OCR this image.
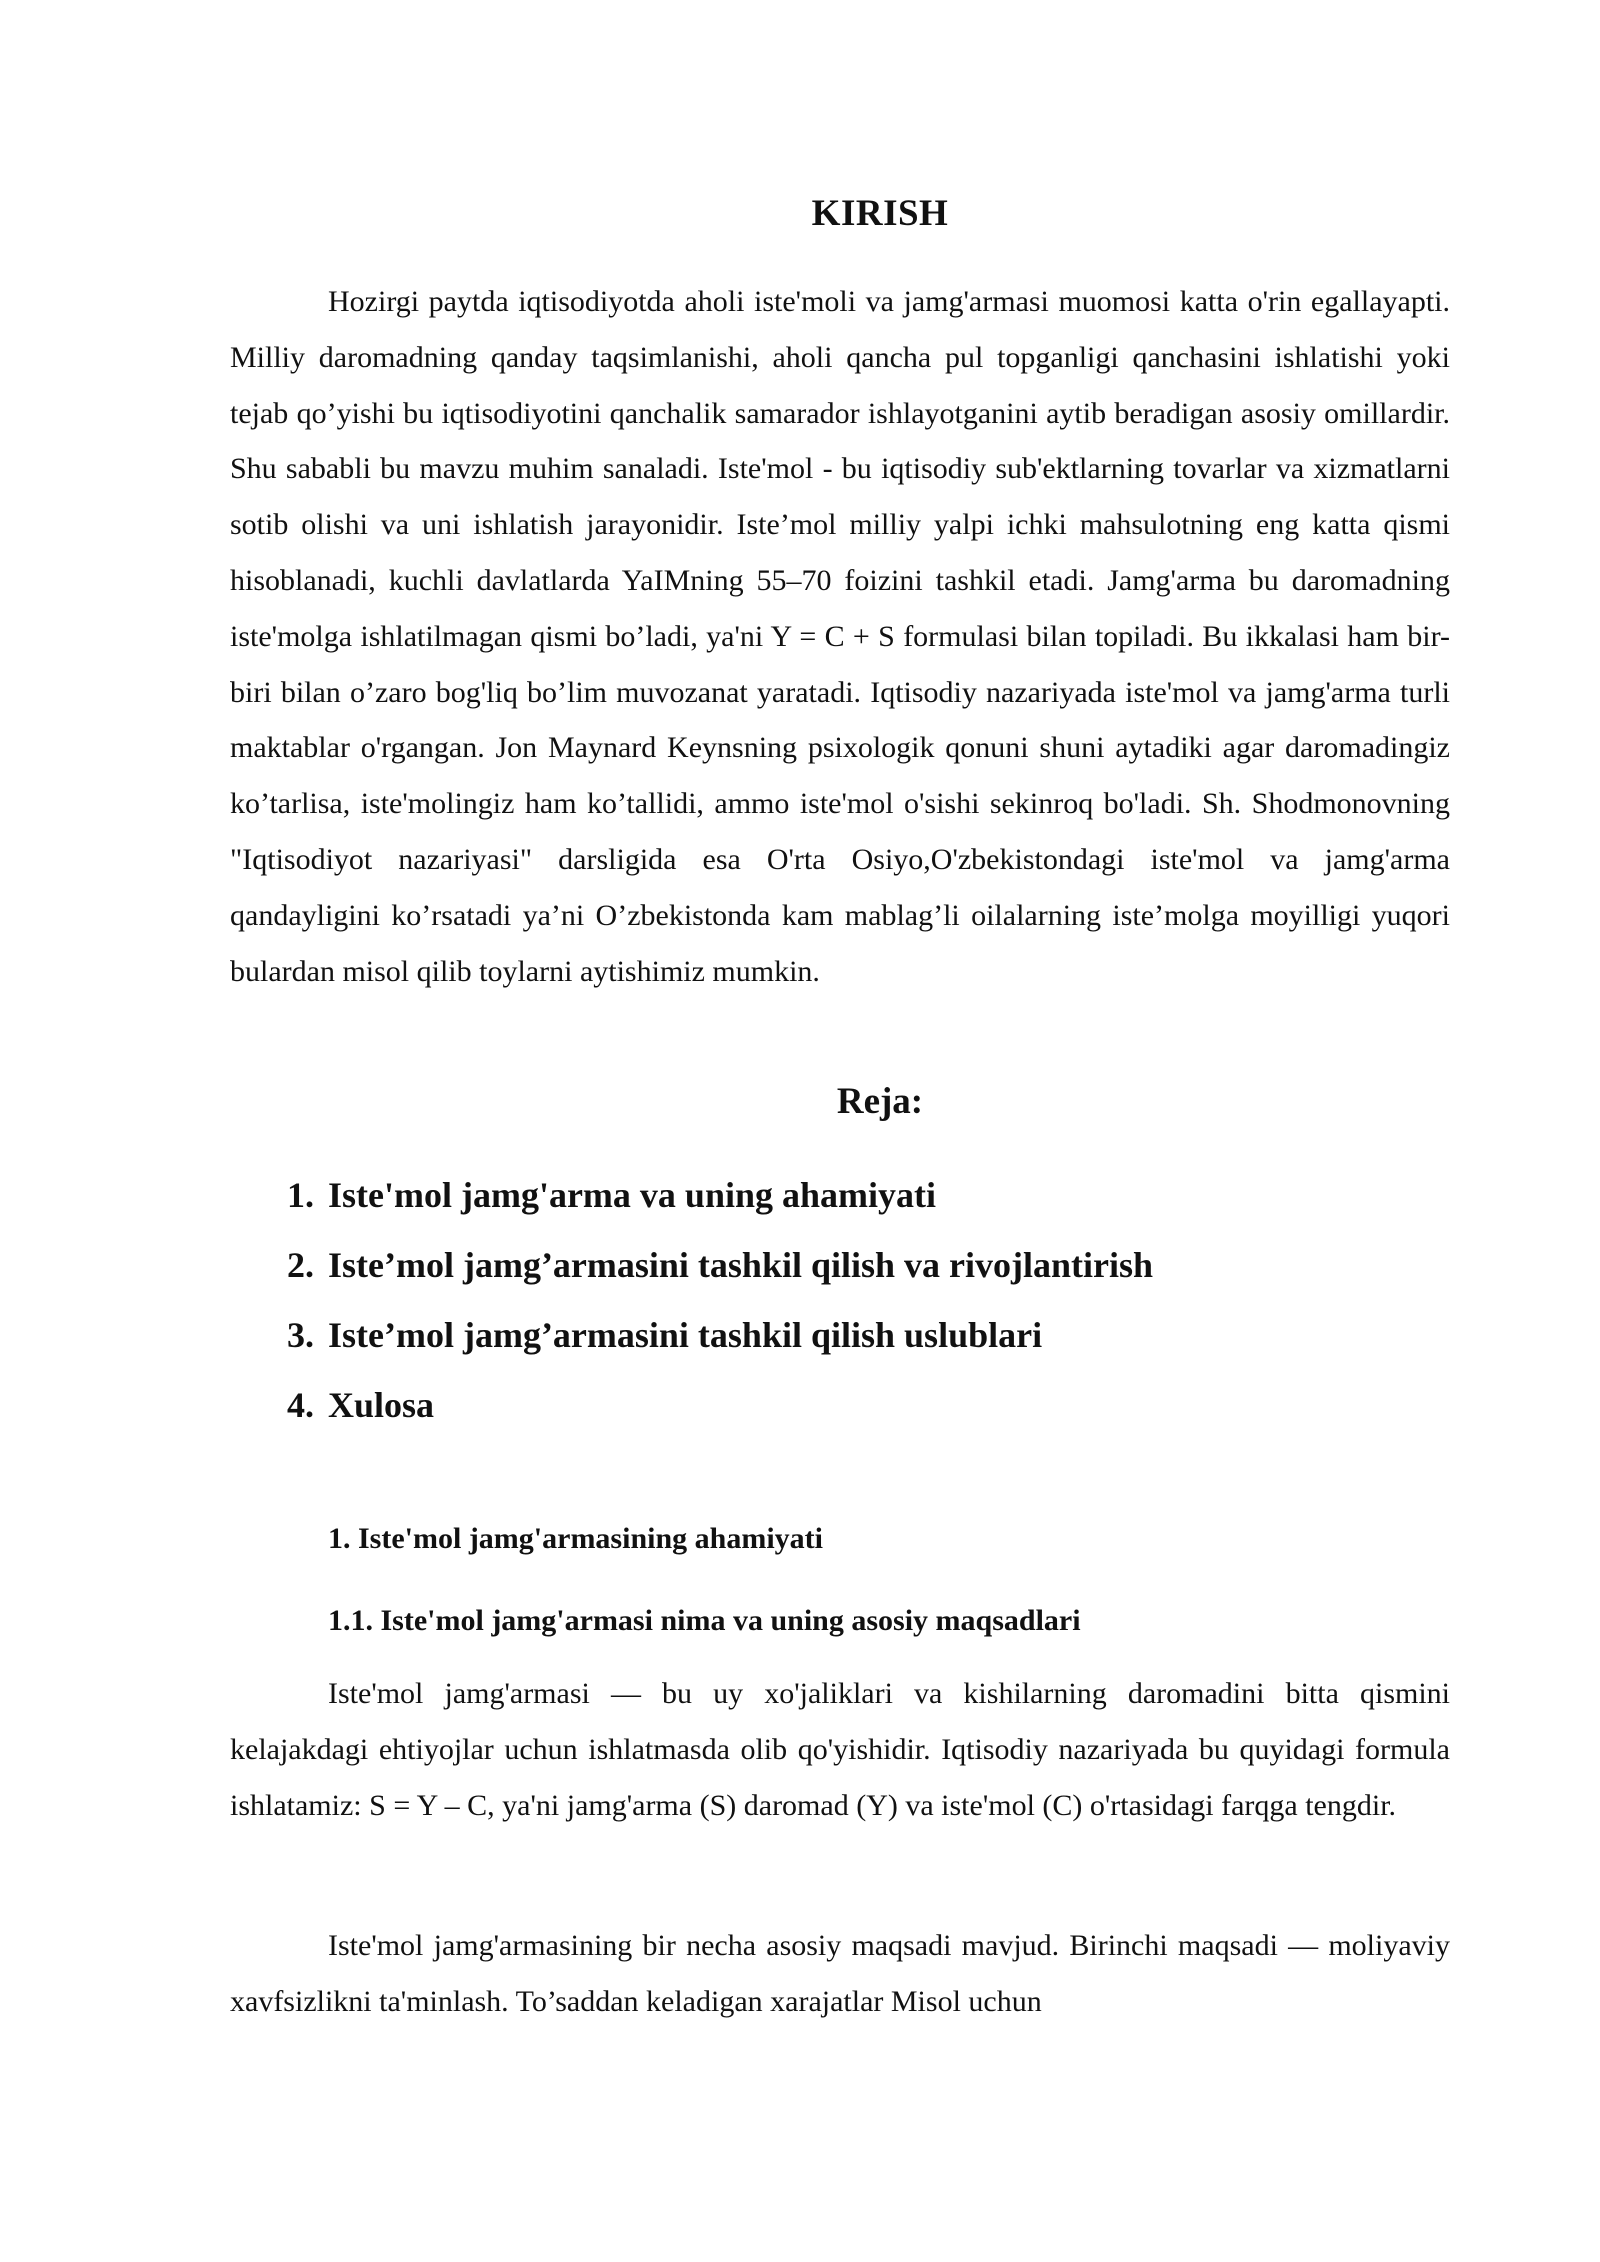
KIRISH

Hozirgi paytda iqtisodiyotda aholi iste'moli va jamg'armasi muomosi katta o'rin egallayapti. Milliy daromadning qanday taqsimlanishi, aholi qancha pul topganligi qanchasini ishlatishi yoki tejab qo’yishi bu iqtisodiyotini qanchalik samarador ishlayotganini aytib beradigan asosiy omillardir. Shu sababli bu mavzu muhim sanaladi. Iste'mol - bu iqtisodiy sub'ektlarning tovarlar va xizmatlarni sotib olishi va uni ishlatish jarayonidir. Iste’mol milliy yalpi ichki mahsulotning eng katta qismi hisoblanadi, kuchli davlatlarda YaIMning 55–70 foizini tashkil etadi. Jamg'arma bu daromadning iste'molga ishlatilmagan qismi bo’ladi, ya'ni Y = C + S formulasi bilan topiladi. Bu ikkalasi ham bir-biri bilan o’zaro bog'liq bo’lim muvozanat yaratadi. Iqtisodiy nazariyada iste'mol va jamg'arma turli maktablar o'rgangan. Jon Maynard Keynsning psixologik qonuni shuni aytadiki agar daromadingiz ko’tarlisa, iste'molingiz ham ko’tallidi, ammo iste'mol o'sishi sekinroq bo'ladi. Sh. Shodmonovning "Iqtisodiyot nazariyasi" darsligida esa O'rta Osiyo,O'zbekistondagi iste'mol va jamg'arma qandayligini ko’rsatadi ya’ni O’zbekistonda kam mablag’li oilalarning iste’molga moyilligi yuqori bulardan misol qilib toylarni aytishimiz mumkin.

Reja:
1. Iste'mol jamg'arma va uning ahamiyati
2. Iste’mol jamg’armasini tashkil qilish va rivojlantirish
3. Iste’mol jamg’armasini tashkil qilish uslublari
4. Xulosa
1. Iste'mol jamg'armasining ahamiyati
1.1. Iste'mol jamg'armasi nima va uning asosiy maqsadlari

Iste'mol jamg'armasi — bu uy xo'jaliklari va kishilarning daromadini bitta qismini kelajakdagi ehtiyojlar uchun ishlatmasda olib qo'yishidir. Iqtisodiy nazariyada bu quyidagi formula ishlatamiz: S = Y – C, ya'ni jamg'arma (S) daromad (Y) va iste'mol (C) o'rtasidagi farqga tengdir.

Iste'mol jamg'armasining bir necha asosiy maqsadi mavjud. Birinchi maqsadi — moliyaviy xavfsizlikni ta'minlash. To’saddan keladigan xarajatlar Misol uchun
